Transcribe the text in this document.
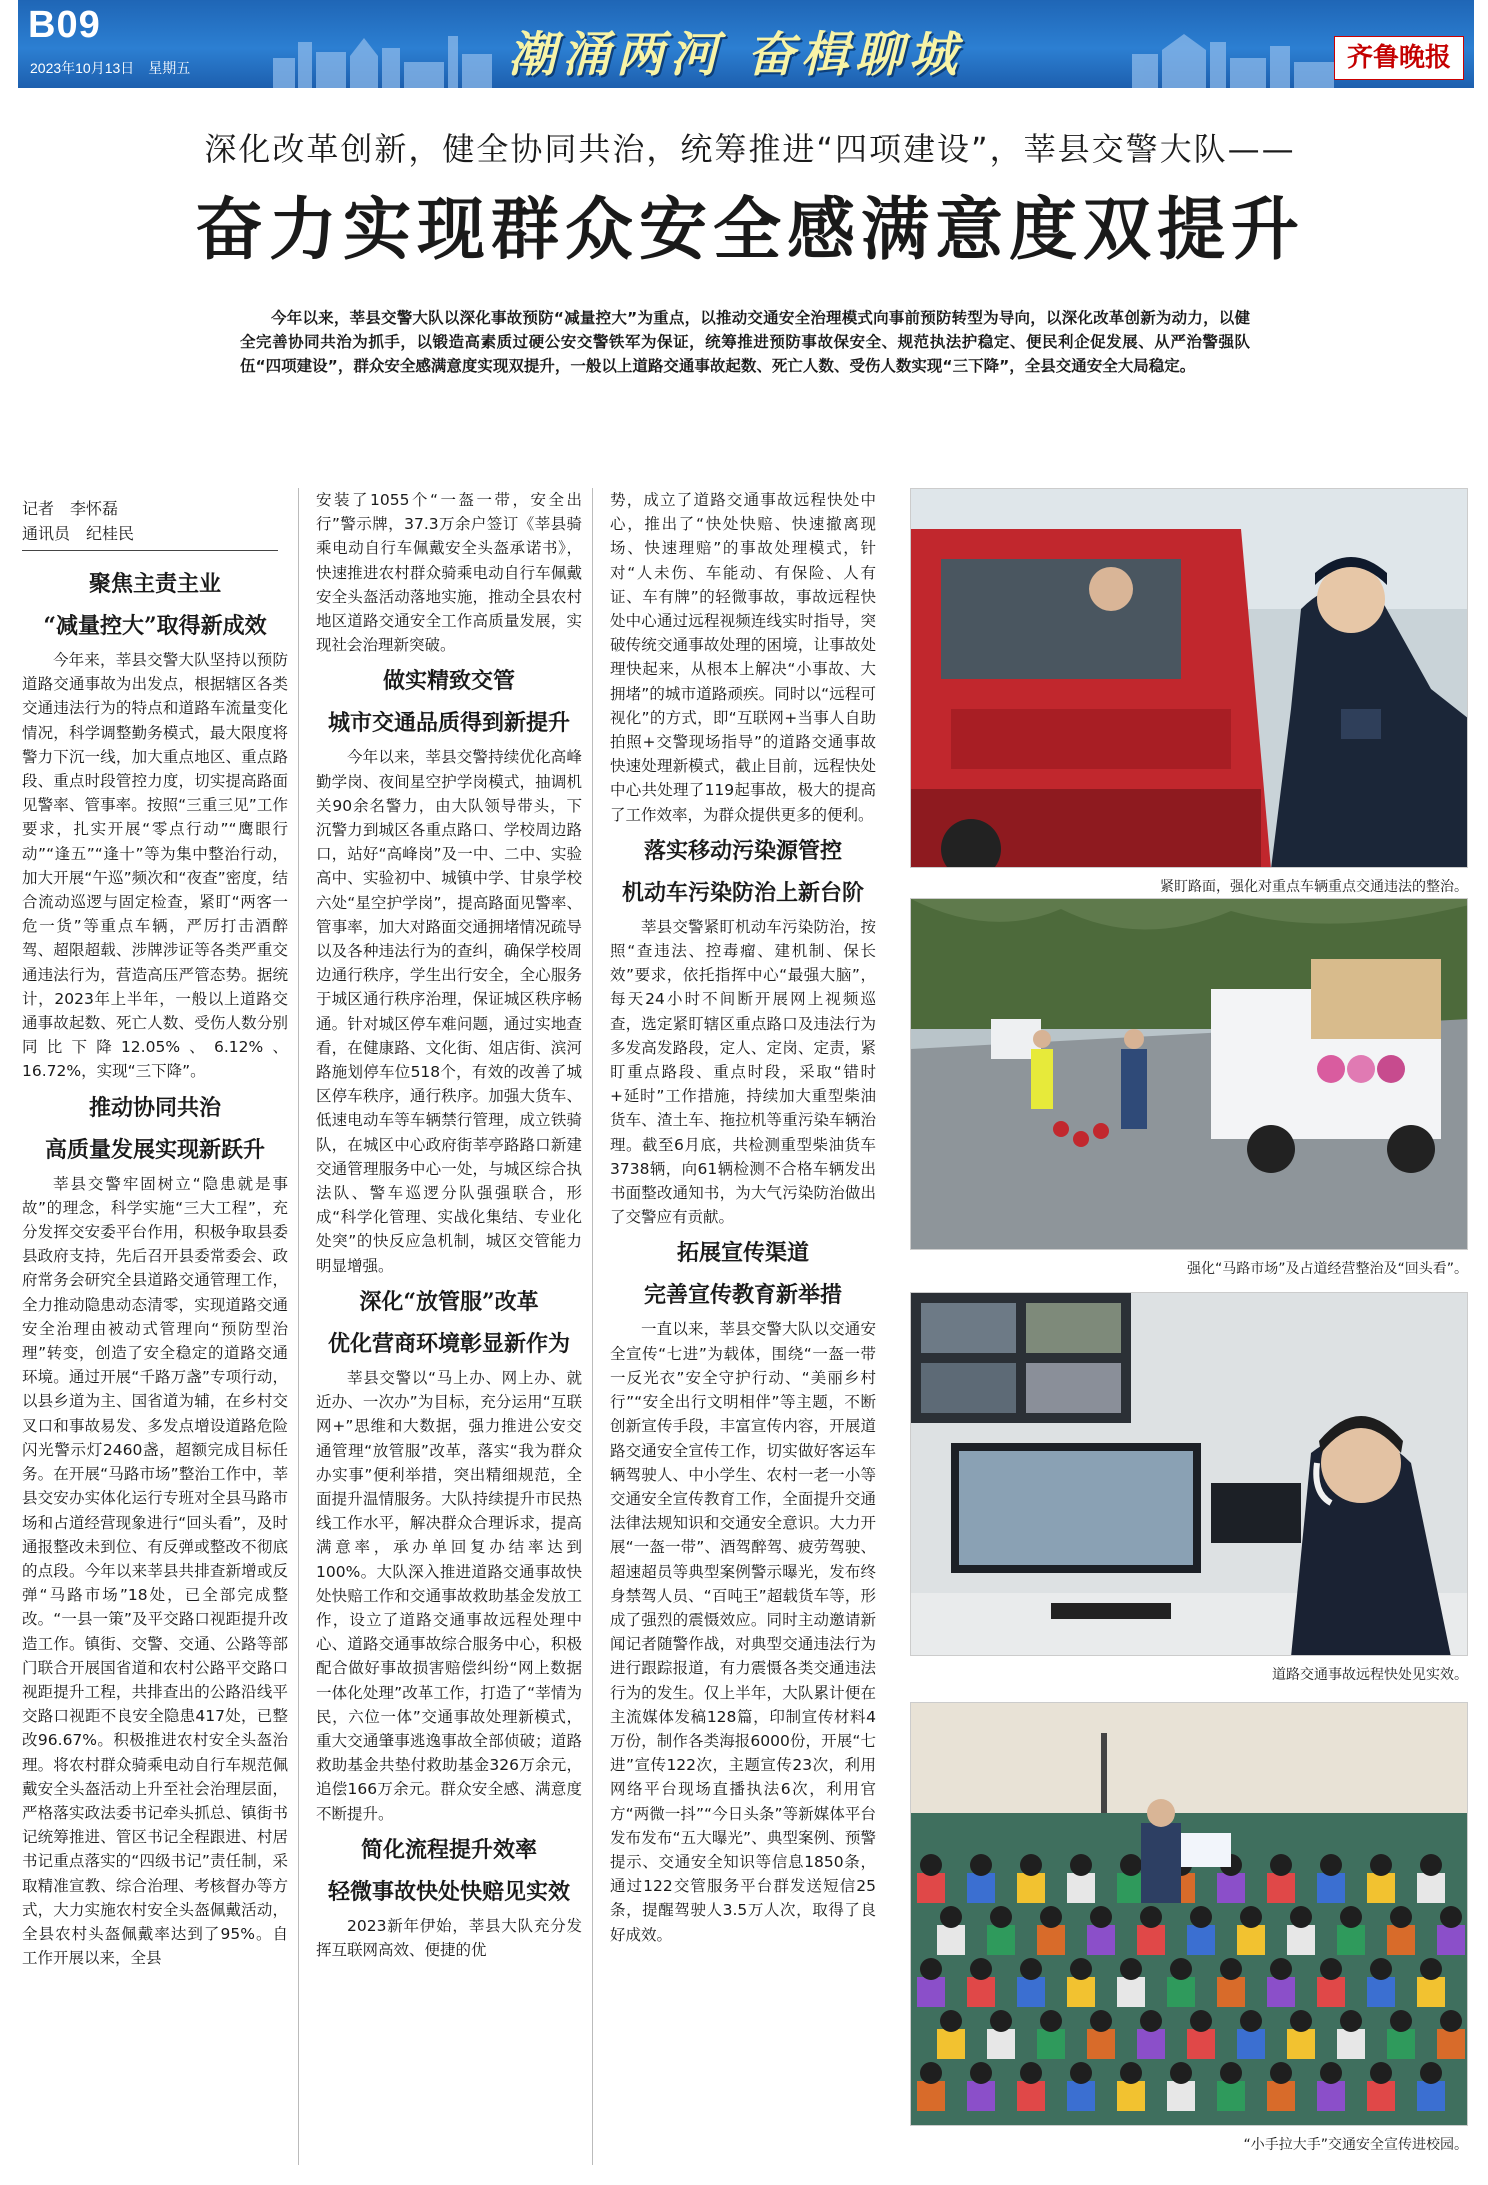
B09
2023年10月13日　星期五	潮涌两河 奋楫聊城	齐鲁晚报
深化改革创新，健全协同共治，统筹推进“四项建设”，莘县交警大队——
奋力实现群众安全感满意度双提升
今年以来，莘县交警大队以深化事故预防“减量控大”为重点，以推动交通安全治理模式向事前预防转型为导向，以深化改革创新为动力，以健全完善协同共治为抓手，以锻造高素质过硬公安交警铁军为保证，统筹推进预防事故保安全、规范执法护稳定、便民利企促发展、从严治警强队伍“四项建设”，群众安全感满意度实现双提升，一般以上道路交通事故起数、死亡人数、受伤人数实现“三下降”，全县交通安全大局稳定。
记者　李怀磊
通讯员　纪桂民
聚焦主责主业
“减量控大”取得新成效

今年来，莘县交警大队坚持以预防道路交通事故为出发点，根据辖区各类交通违法行为的特点和道路车流量变化情况，科学调整勤务模式，最大限度将警力下沉一线，加大重点地区、重点路段、重点时段管控力度，切实提高路面见警率、管事率。按照“三重三见”工作要求，扎实开展“零点行动”“鹰眼行动”“逢五”“逢十”等为集中整治行动，加大开展“午巡”频次和“夜查”密度，结合流动巡逻与固定检查，紧盯“两客一危一货”等重点车辆，严厉打击酒醉驾、超限超载、涉牌涉证等各类严重交通违法行为，营造高压严管态势。据统计，2023年上半年，一般以上道路交通事故起数、死亡人数、受伤人数分别同比下降12.05%、6.12%、16.72%，实现“三下降”。

推动协同共治
高质量发展实现新跃升

莘县交警牢固树立“隐患就是事故”的理念，科学实施“三大工程”，充分发挥交安委平台作用，积极争取县委县政府支持，先后召开县委常委会、政府常务会研究全县道路交通管理工作，全力推动隐患动态清零，实现道路交通安全治理由被动式管理向“预防型治理”转变，创造了安全稳定的道路交通环境。通过开展“千路万盏”专项行动，以县乡道为主、国省道为辅，在乡村交叉口和事故易发、多发点增设道路危险闪光警示灯2460盏，超额完成目标任务。在开展“马路市场”整治工作中，莘县交安办实体化运行专班对全县马路市场和占道经营现象进行“回头看”，及时通报整改未到位、有反弹或整改不彻底的点段。今年以来莘县共排查新增或反弹“马路市场”18处，已全部完成整改。“一县一策”及平交路口视距提升改造工作。镇街、交警、交通、公路等部门联合开展国省道和农村公路平交路口视距提升工程，共排查出的公路沿线平交路口视距不良安全隐患417处，已整改96.67%。积极推进农村安全头盔治理。将农村群众骑乘电动自行车规范佩戴安全头盔活动上升至社会治理层面，严格落实政法委书记牵头抓总、镇街书记统筹推进、管区书记全程跟进、村居书记重点落实的“四级书记”责任制，采取精准宣教、综合治理、考核督办等方式，大力实施农村安全头盔佩戴活动，全县农村头盔佩戴率达到了95%。自工作开展以来，全县

安装了1055个“一盔一带，安全出行”警示牌，37.3万余户签订《莘县骑乘电动自行车佩戴安全头盔承诺书》，快速推进农村群众骑乘电动自行车佩戴安全头盔活动落地实施，推动全县农村地区道路交通安全工作高质量发展，实现社会治理新突破。

做实精致交管
城市交通品质得到新提升

今年以来，莘县交警持续优化高峰勤学岗、夜间星空护学岗模式，抽调机关90余名警力，由大队领导带头，下沉警力到城区各重点路口、学校周边路口，站好“高峰岗”及一中、二中、实验高中、实验初中、城镇中学、甘泉学校六处“星空护学岗”，提高路面见警率、管事率，加大对路面交通拥堵情况疏导以及各种违法行为的查纠，确保学校周边通行秩序，学生出行安全，全心服务于城区通行秩序治理，保证城区秩序畅通。针对城区停车难问题，通过实地查看，在健康路、文化街、俎店街、滨河路施划停车位518个，有效的改善了城区停车秩序，通行秩序。加强大货车、低速电动车等车辆禁行管理，成立铁骑队，在城区中心政府街莘亭路路口新建交通管理服务中心一处，与城区综合执法队、警车巡逻分队强强联合，形成“科学化管理、实战化集结、专业化处突”的快反应急机制，城区交管能力明显增强。

深化“放管服”改革
优化营商环境彰显新作为

莘县交警以“马上办、网上办、就近办、一次办”为目标，充分运用“互联网+”思维和大数据，强力推进公安交通管理“放管服”改革，落实“我为群众办实事”便利举措，突出精细规范，全面提升温情服务。大队持续提升市民热线工作水平，解决群众合理诉求，提高满意率，承办单回复办结率达到100%。大队深入推进道路交通事故快处快赔工作和交通事故救助基金发放工作，设立了道路交通事故远程处理中心、道路交通事故综合服务中心，积极配合做好事故损害赔偿纠纷“网上数据一体化处理”改革工作，打造了“莘情为民，六位一体”交通事故处理新模式，重大交通肇事逃逸事故全部侦破；道路救助基金共垫付救助基金326万余元，追偿166万余元。群众安全感、满意度不断提升。

简化流程提升效率
轻微事故快处快赔见实效

2023新年伊始，莘县大队充分发挥互联网高效、便捷的优

势，成立了道路交通事故远程快处中心，推出了“快处快赔、快速撤离现场、快速理赔”的事故处理模式，针对“人未伤、车能动、有保险、人有证、车有牌”的轻微事故，事故远程快处中心通过远程视频连线实时指导，突破传统交通事故处理的困境，让事故处理快起来，从根本上解决“小事故、大拥堵”的城市道路顽疾。同时以“远程可视化”的方式，即“互联网+当事人自助拍照+交警现场指导”的道路交通事故快速处理新模式，截止目前，远程快处中心共处理了119起事故，极大的提高了工作效率，为群众提供更多的便利。

落实移动污染源管控
机动车污染防治上新台阶

莘县交警紧盯机动车污染防治，按照“查违法、控毒瘤、建机制、保长效”要求，依托指挥中心“最强大脑”，每天24小时不间断开展网上视频巡查，选定紧盯辖区重点路口及违法行为多发高发路段，定人、定岗、定责，紧盯重点路段、重点时段，采取“错时+延时”工作措施，持续加大重型柴油货车、渣土车、拖拉机等重污染车辆治理。截至6月底，共检测重型柴油货车3738辆，向61辆检测不合格车辆发出书面整改通知书，为大气污染防治做出了交警应有贡献。

拓展宣传渠道
完善宣传教育新举措

一直以来，莘县交警大队以交通安全宣传“七进”为载体，围绕“一盔一带一反光衣”安全守护行动、“美丽乡村行”“安全出行文明相伴”等主题，不断创新宣传手段，丰富宣传内容，开展道路交通安全宣传工作，切实做好客运车辆驾驶人、中小学生、农村一老一小等交通安全宣传教育工作，全面提升交通法律法规知识和交通安全意识。大力开展“一盔一带”、酒驾醉驾、疲劳驾驶、超速超员等典型案例警示曝光，发布终身禁驾人员、“百吨王”超载货车等，形成了强烈的震慑效应。同时主动邀请新闻记者随警作战，对典型交通违法行为进行跟踪报道，有力震慑各类交通违法行为的发生。仅上半年，大队累计便在主流媒体发稿128篇，印制宣传材料4万份，制作各类海报6000份，开展“七进”宣传122次，主题宣传23次，利用网络平台现场直播执法6次，利用官方“两微一抖”“今日头条”等新媒体平台发布发布“五大曝光”、典型案例、预警提示、交通安全知识等信息1850条，通过122交管服务平台群发送短信25条，提醒驾驶人3.5万人次，取得了良好成效。

紧盯路面，强化对重点车辆重点交通违法的整治。
强化“马路市场”及占道经营整治及“回头看”。
道路交通事故远程快处见实效。
“小手拉大手”交通安全宣传进校园。
